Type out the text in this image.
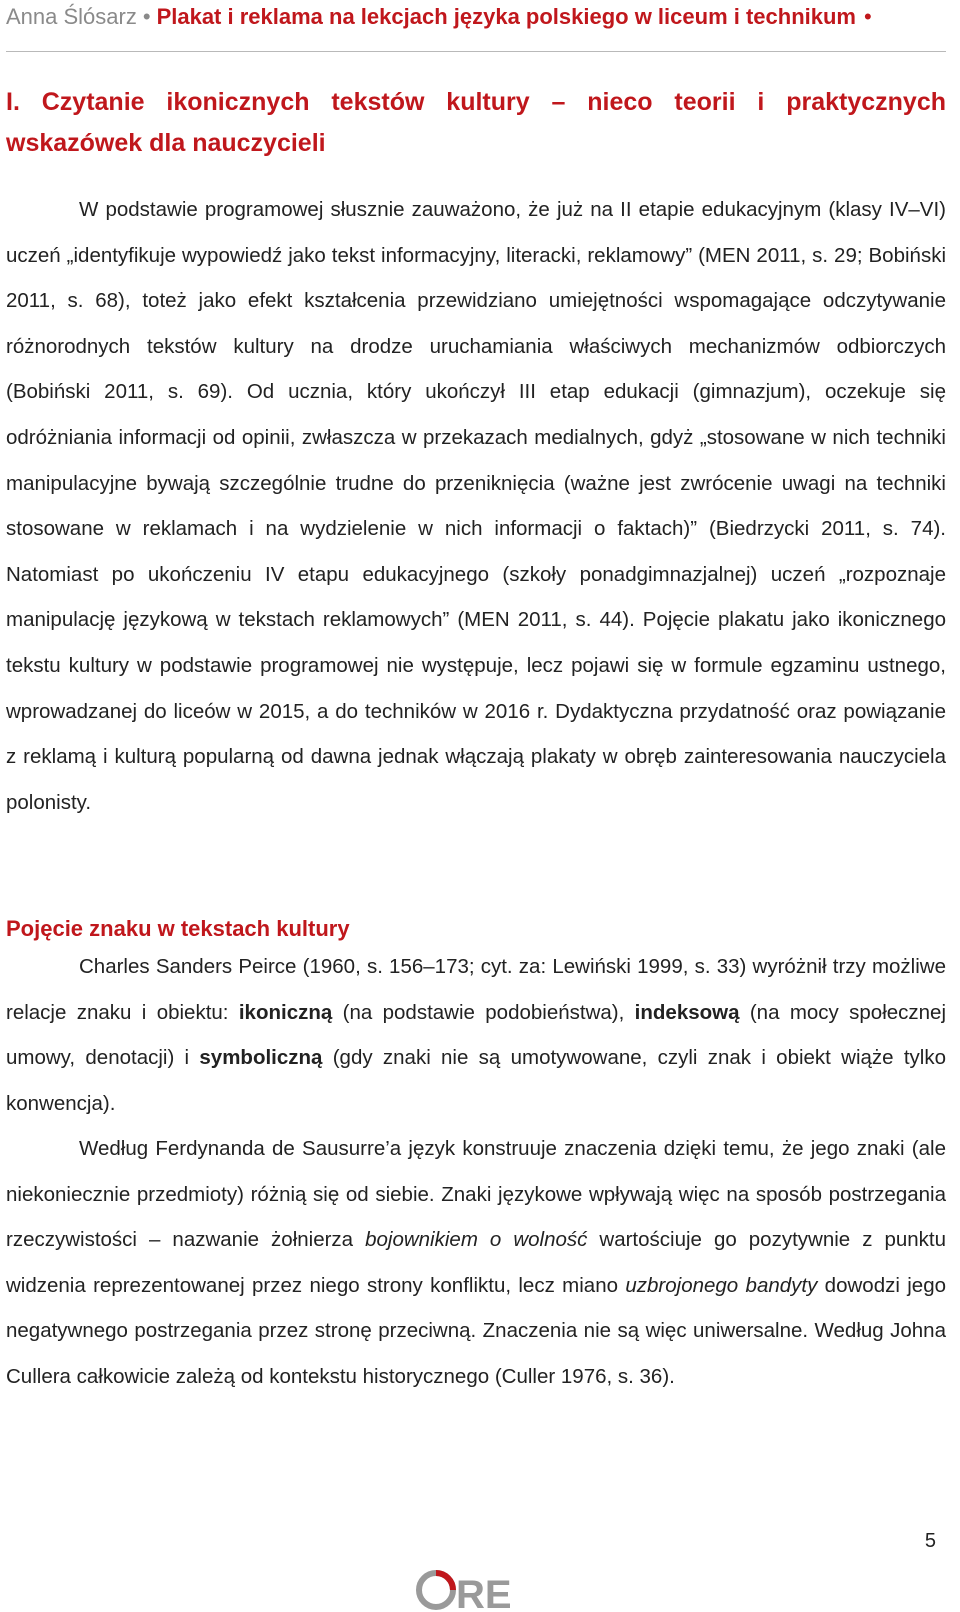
Anna Ślósarz • Plakat i reklama na lekcjach języka polskiego w liceum i technikum •
I. Czytanie ikonicznych tekstów kultury – nieco teorii i praktycznych wskazówek dla nauczycieli

W podstawie programowej słusznie zauważono, że już na II etapie edukacyjnym (klasy IV–VI) uczeń „identyfikuje wypowiedź jako tekst informacyjny, literacki, reklamowy” (MEN 2011, s. 29; Bobiński 2011, s. 68), toteż jako efekt kształcenia przewidziano umiejętności wspomagające odczytywanie różnorodnych tekstów kultury na drodze uruchamiania właściwych mechanizmów odbiorczych (Bobiński 2011, s. 69). Od ucznia, który ukończył III etap edukacji (gimnazjum), oczekuje się odróżniania informacji od opinii, zwłaszcza w przekazach medialnych, gdyż „stosowane w nich techniki manipulacyjne bywają szczególnie trudne do przeniknięcia (ważne jest zwrócenie uwagi na techniki stosowane w reklamach i na wydzielenie w nich informacji o faktach)” (Biedrzycki 2011, s. 74). Natomiast po ukończeniu IV etapu edukacyjnego (szkoły ponadgimnazjalnej) uczeń „rozpoznaje manipulację językową w tekstach reklamowych” (MEN 2011, s. 44). Pojęcie plakatu jako ikonicznego tekstu kultury w podstawie programowej nie występuje, lecz pojawi się w formule egzaminu ustnego, wprowadzanej do liceów w 2015, a do techników w 2016 r. Dydaktyczna przydatność oraz powiązanie z reklamą i kulturą popularną od dawna jednak włączają plakaty w obręb zainteresowania nauczyciela polonisty.

Pojęcie znaku w tekstach kultury

Charles Sanders Peirce (1960, s. 156–173; cyt. za: Lewiński 1999, s. 33) wyróżnił trzy możliwe relacje znaku i obiektu: ikoniczną (na podstawie podobieństwa), indeksową (na mocy społecznej umowy, denotacji) i symboliczną (gdy znaki nie są umotywowane, czyli znak i obiekt wiąże tylko konwencja).

Według Ferdynanda de Sausurre’a język konstruuje znaczenia dzięki temu, że jego znaki (ale niekoniecznie przedmioty) różnią się od siebie. Znaki językowe wpływają więc na sposób postrzegania rzeczywistości – nazwanie żołnierza bojownikiem o wolność wartościuje go pozytywnie z punktu widzenia reprezentowanej przez niego strony konfliktu, lecz miano uzbrojonego bandyty dowodzi jego negatywnego postrzegania przez stronę przeciwną. Znaczenia nie są więc uniwersalne. Według Johna Cullera całkowicie zależą od kontekstu historycznego (Culler 1976, s. 36).

5
RE
